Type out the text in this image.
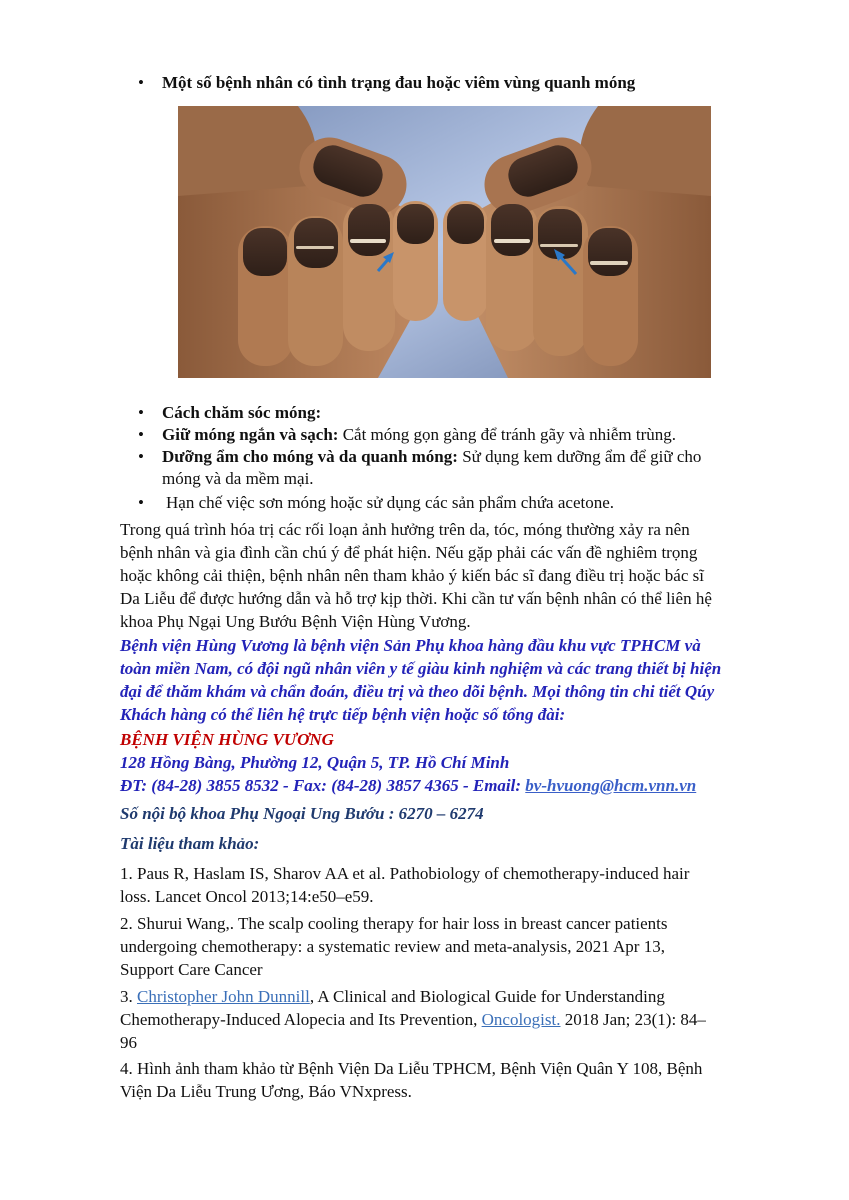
•	Một số bệnh nhân có tình trạng đau hoặc viêm vùng quanh móng
•	Cách chăm sóc móng:
•	Giữ móng ngắn và sạch: Cắt móng gọn gàng để tránh gãy và nhiễm trùng.
•	Dưỡng ẩm cho móng và da quanh móng: Sử dụng kem dưỡng ẩm để giữ cho
móng và da mềm mại.
•	Hạn chế việc sơn móng hoặc sử dụng các sản phẩm chứa acetone.
Trong quá trình hóa trị các rối loạn ảnh hưởng trên da, tóc, móng thường xảy ra nên
bệnh nhân và gia đình cần chú ý để phát hiện. Nếu gặp phải các vấn đề nghiêm trọng
hoặc không cải thiện, bệnh nhân nên tham khảo ý kiến bác sĩ đang điều trị hoặc bác sĩ
Da Liễu để được hướng dẫn và hỗ trợ kịp thời. Khi cần tư vấn bệnh nhân có thể liên hệ
khoa Phụ Ngại Ung Bướu Bệnh Viện Hùng Vương.
Bệnh viện Hùng Vương là bệnh viện Sản Phụ khoa hàng đầu khu vực TPHCM và
toàn miền Nam, có đội ngũ nhân viên y tế giàu kinh nghiệm và các trang thiết bị hiện
đại để thăm khám và chẩn đoán, điều trị và theo dõi bệnh. Mọi thông tin chi tiết Qúy
Khách hàng có thể liên hệ trực tiếp bệnh viện hoặc số tổng đài:
BỆNH VIỆN HÙNG VƯƠNG
128 Hồng Bàng, Phường 12, Quận 5, TP. Hồ Chí Minh
ĐT: (84-28) 3855 8532 - Fax: (84-28) 3857 4365 - Email: bv-hvuong@hcm.vnn.vn
Số nội bộ khoa Phụ Ngoại Ung Bướu : 6270 – 6274
Tài liệu tham khảo:
1. Paus R, Haslam IS, Sharov AA et al. Pathobiology of chemotherapy-induced hair
loss. Lancet Oncol 2013;14:e50–e59.
2. Shurui Wang,. The scalp cooling therapy for hair loss in breast cancer patients
undergoing chemotherapy: a systematic review and meta-analysis, 2021 Apr 13,
Support Care Cancer
3. Christopher John Dunnill, A Clinical and Biological Guide for Understanding
Chemotherapy-Induced Alopecia and Its Prevention, Oncologist. 2018 Jan; 23(1): 84–
96
4. Hình ảnh tham khảo từ Bệnh Viện Da Liễu TPHCM, Bệnh Viện Quân Y 108, Bệnh
Viện Da Liễu Trung Ương, Báo VNxpress.
